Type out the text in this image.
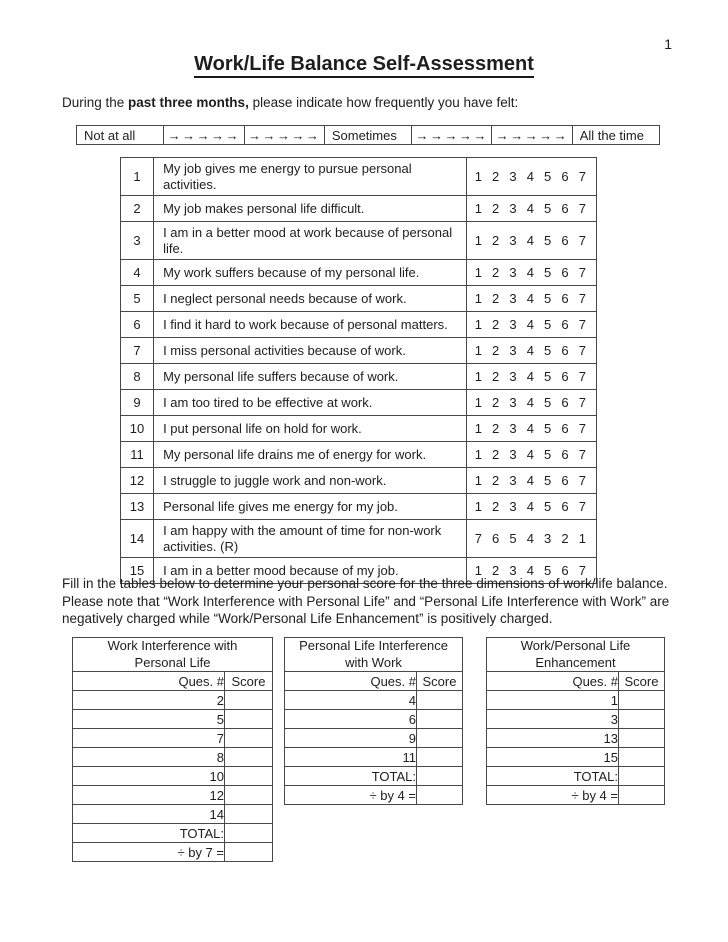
1
Work/Life Balance Self-Assessment

During the past three months, please indicate how frequently you have felt:

Not at all	→→→→→ →→→→→ Sometimes	→→→→→ →→→→→ All the time
1	My job gives me energy to pursue personal activities.	1 2 3 4 5 6 7

2	My job makes personal life difficult.	1 2 3 4 5 6 7

3	I am in a better mood at work because of personal life.	1 2 3 4 5 6 7

4	My work suffers because of my personal life.	1 2 3 4 5 6 7

5	I neglect personal needs because of work.	1 2 3 4 5 6 7

6	I find it hard to work because of personal matters.	1 2 3 4 5 6 7

7	I miss personal activities because of work.	1 2 3 4 5 6 7

8	My personal life suffers because of work.	1 2 3 4 5 6 7

9	I am too tired to be effective at work.	1 2 3 4 5 6 7

10	I put personal life on hold for work.	1 2 3 4 5 6 7

11	My personal life drains me of energy for work.	1 2 3 4 5 6 7

12	I struggle to juggle work and non-work.	1 2 3 4 5 6 7

13	Personal life gives me energy for my job.	1 2 3 4 5 6 7

14	I am happy with the amount of time for non-work activities. (R)	7 6 5 4 3 2 1

15	I am in a better mood because of my job.	1 2 3 4 5 6 7

Fill in the tables below to determine your personal score for the three dimensions of work/life balance. Please note that “Work Interference with Personal Life” and “Personal Life Interference with Work” are negatively charged while “Work/Personal Life Enhancement” is positively charged.

Work Interference with
Personal Life	

Ques. #	Score
2	
5	
7	
8	
10	
12	
14	
TOTAL:	
÷ by 7 =	
Personal Life Interference
with Work	

Ques. #	Score
4	
6	
9	
11	
TOTAL:	
÷ by 4 =	
Work/Personal Life
Enhancement	

Ques. #	Score
1	
3	
13	
15	
TOTAL:	
÷ by 4 =	
